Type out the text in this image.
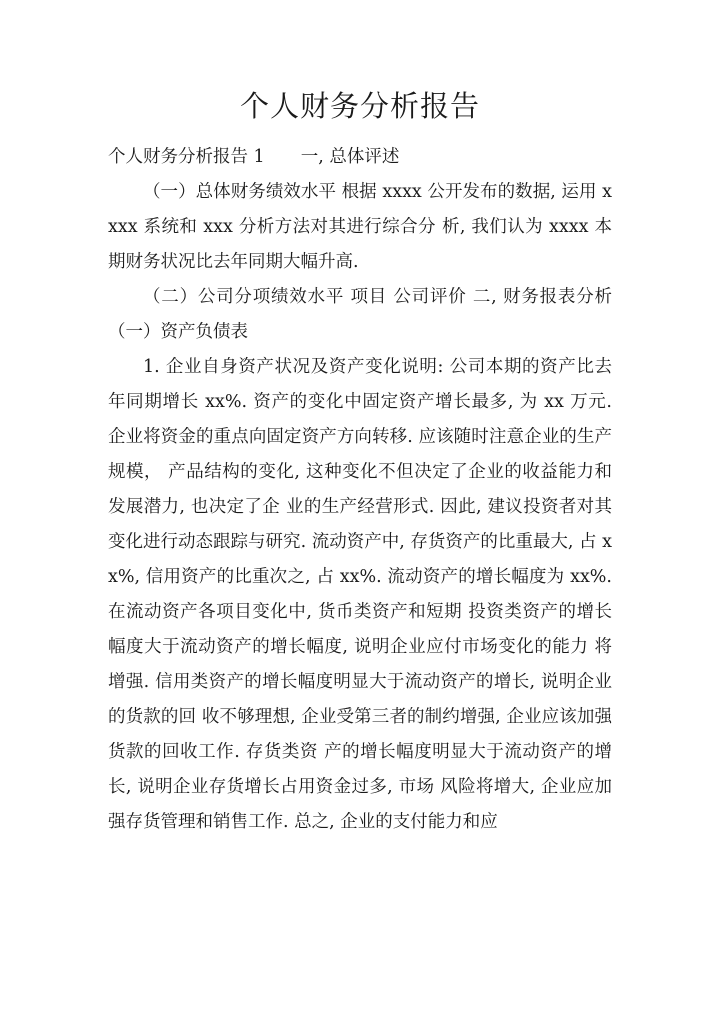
个人财务分析报告

个人财务分析报告 1 一, 总体评述

（一）总体财务绩效水平 根据 xxxx 公开发布的数据, 运用 xxxx 系统和 xxx 分析方法对其进行综合分 析, 我们认为 xxxx 本期财务状况比去年同期大幅升高.

（二）公司分项绩效水平 项目 公司评价 二, 财务报表分析（一）资产负债表

1. 企业自身资产状况及资产变化说明: 公司本期的资产比去年同期增长 xx%. 资产的变化中固定资产增长最多, 为 xx 万元. 企业将资金的重点向固定资产方向转移. 应该随时注意企业的生产规模， 产品结构的变化, 这种变化不但决定了企业的收益能力和发展潜力, 也决定了企 业的生产经营形式. 因此, 建议投资者对其变化进行动态跟踪与研究. 流动资产中, 存货资产的比重最大, 占 xx%, 信用资产的比重次之, 占 xx%. 流动资产的增长幅度为 xx%. 在流动资产各项目变化中, 货币类资产和短期 投资类资产的增长幅度大于流动资产的增长幅度, 说明企业应付市场变化的能力 将增强. 信用类资产的增长幅度明显大于流动资产的增长, 说明企业的货款的回 收不够理想, 企业受第三者的制约增强, 企业应该加强货款的回收工作. 存货类资 产的增长幅度明显大于流动资产的增长, 说明企业存货增长占用资金过多, 市场 风险将增大, 企业应加强存货管理和销售工作. 总之, 企业的支付能力和应
